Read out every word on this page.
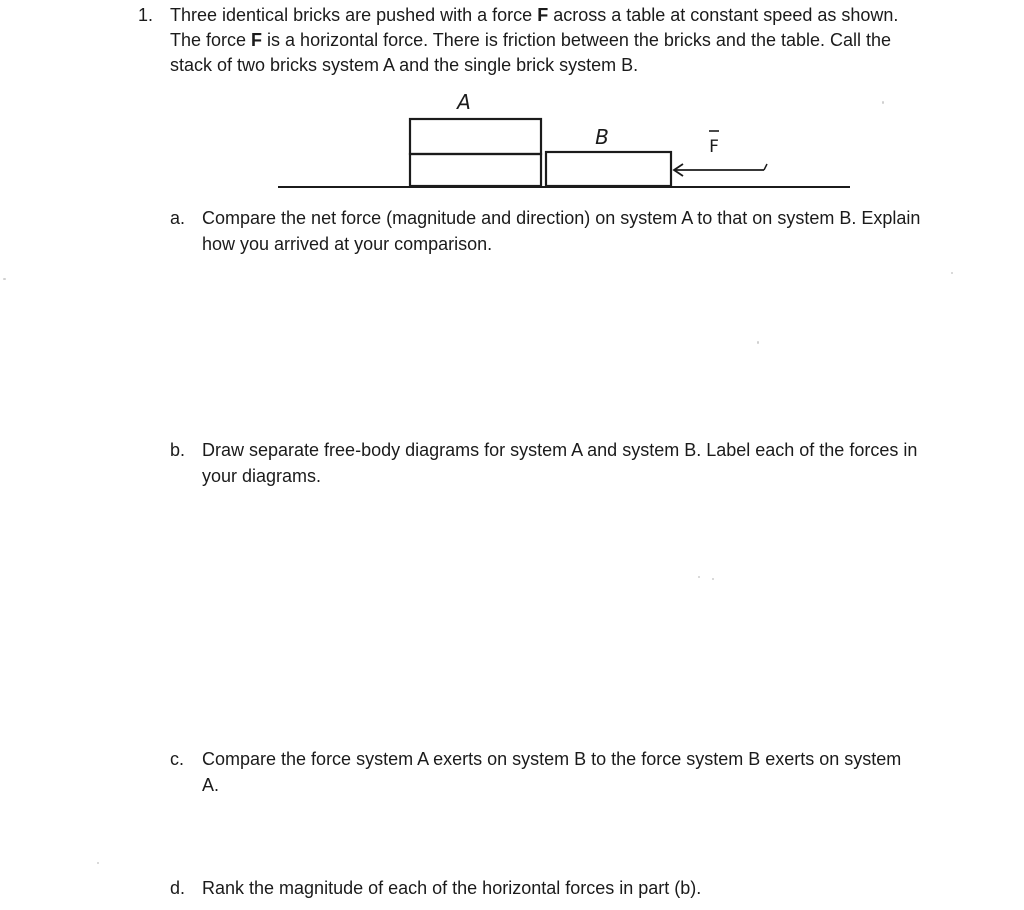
1. Three identical bricks are pushed with a force F across a table at constant speed as shown. The force F is a horizontal force. There is friction between the bricks and the table. Call the stack of two bricks system A and the single brick system B.
A
B	F
a. Compare the net force (magnitude and direction) on system A to that on system B. Explain how you arrived at your comparison.
b. Draw separate free-body diagrams for system A and system B. Label each of the forces in your diagrams.
c. Compare the force system A exerts on system B to the force system B exerts on system A.
d. Rank the magnitude of each of the horizontal forces in part (b).
